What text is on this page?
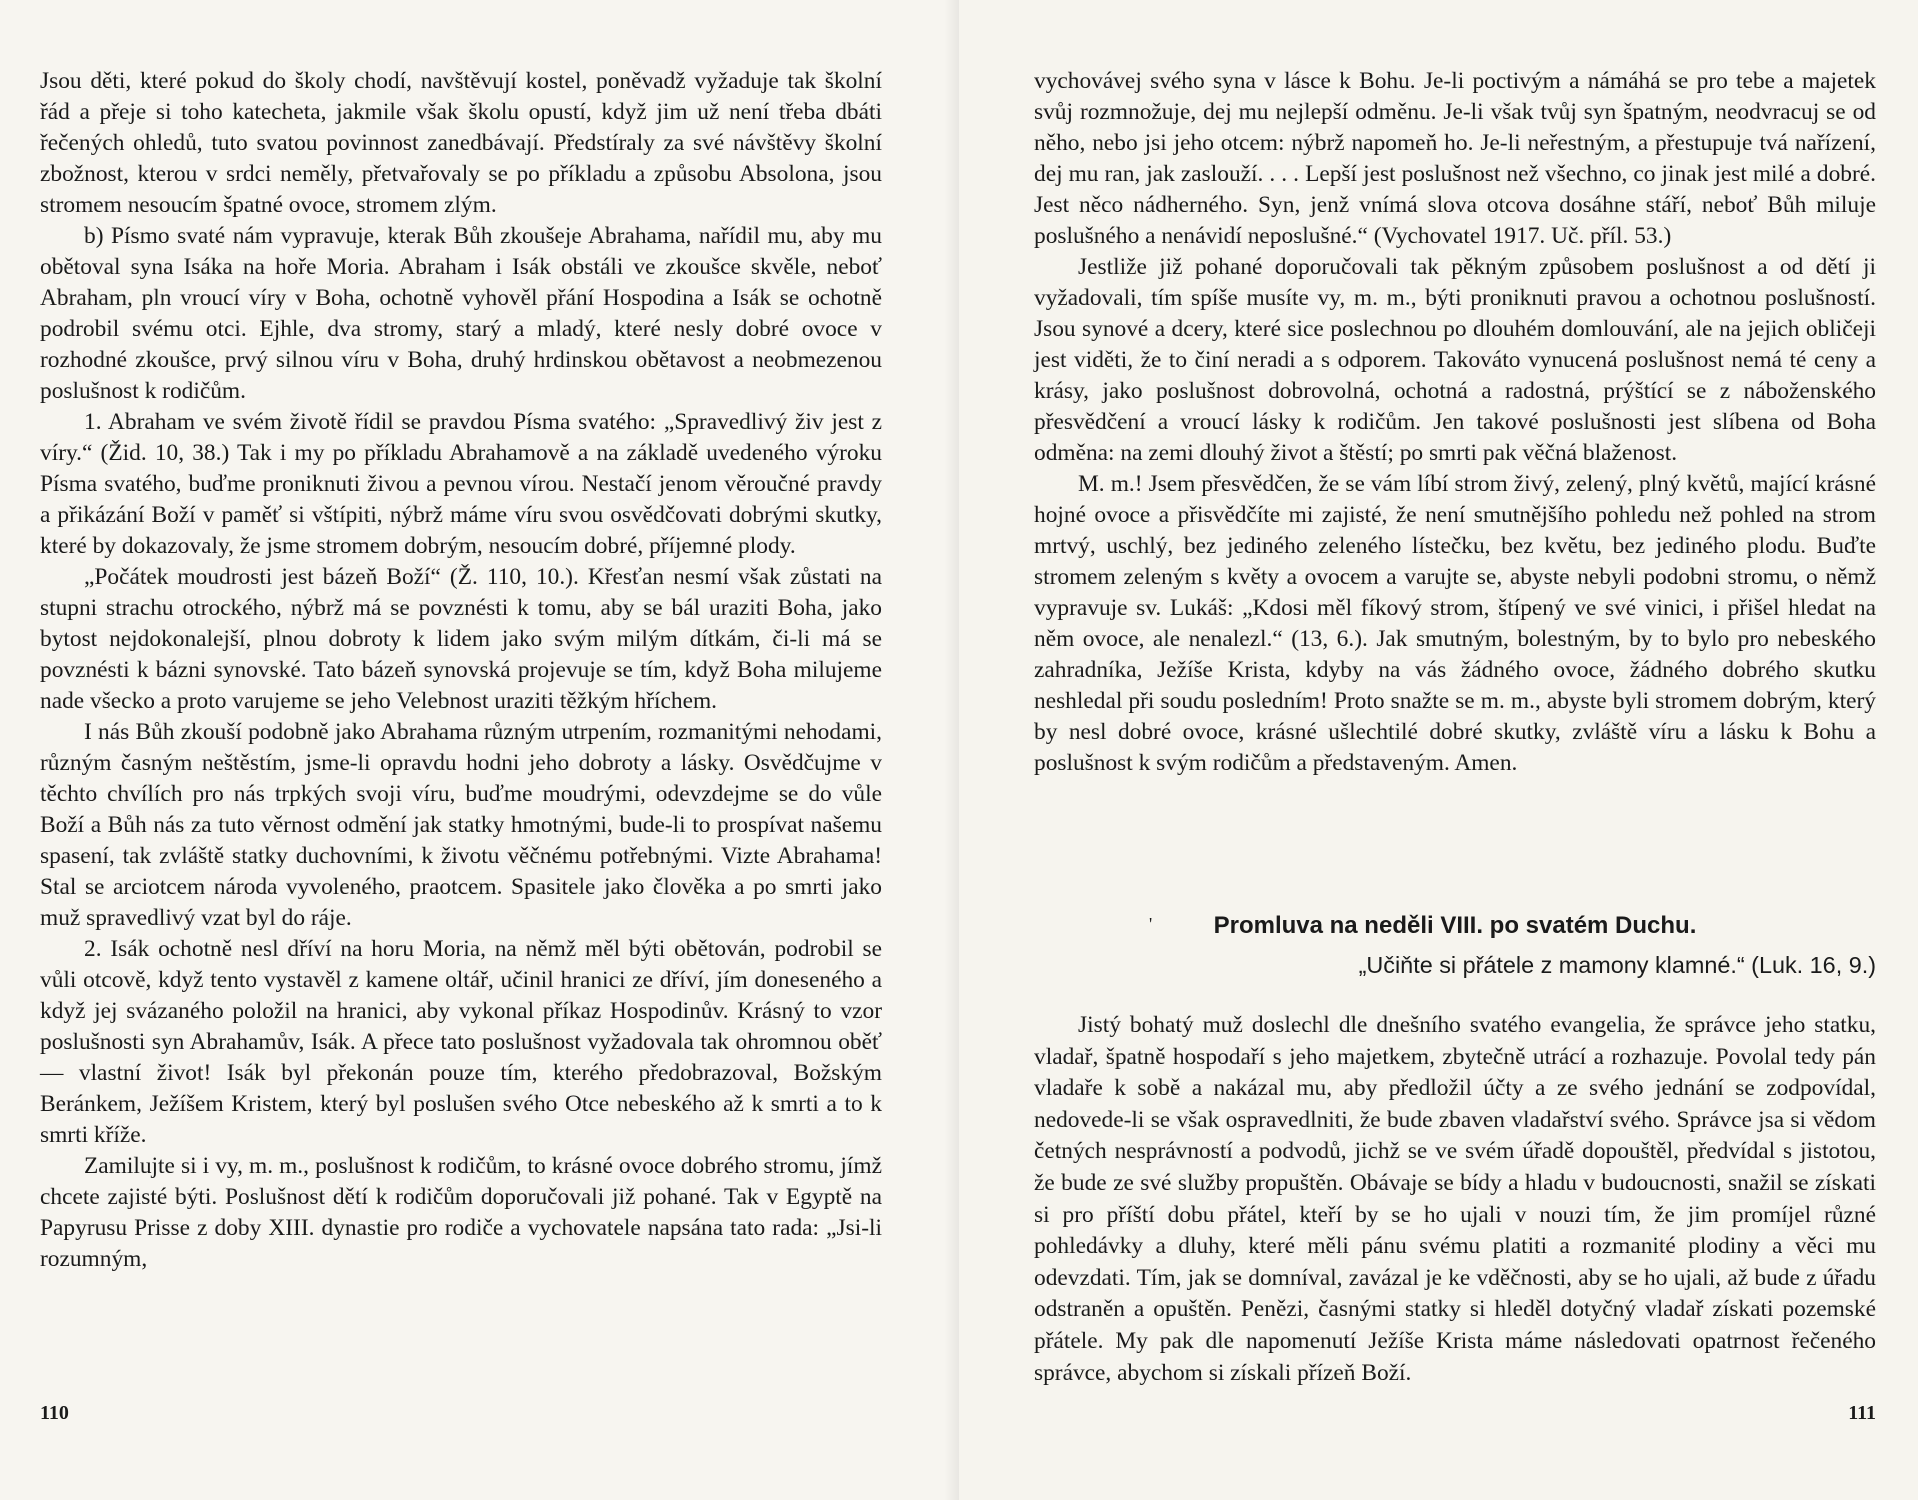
Jsou děti, které pokud do školy chodí, navštěvují kostel, poněvadž vyžaduje tak školní řád a přeje si toho katecheta, jakmile však školu opustí, když jim už není třeba dbáti řečených ohledů, tuto svatou povinnost zanedbávají. Předstíraly za své návštěvy školní zbožnost, kterou v srdci neměly, přetvařovaly se po příkladu a způsobu Absolona, jsou stromem nesoucím špatné ovoce, stromem zlým.

b) Písmo svaté nám vypravuje, kterak Bůh zkoušeje Abrahama, nařídil mu, aby mu obětoval syna Isáka na hoře Moria. Abraham i Isák obstáli ve zkoušce skvěle, neboť Abraham, pln vroucí víry v Boha, ochotně vyhověl přání Hospodina a Isák se ochotně podrobil svému otci. Ejhle, dva stromy, starý a mladý, které nesly dobré ovoce v rozhodné zkoušce, prvý silnou víru v Boha, druhý hrdinskou obětavost a neobmezenou poslušnost k rodičům.

1. Abraham ve svém životě řídil se pravdou Písma svatého: „Spravedlivý živ jest z víry.“ (Žid. 10, 38.) Tak i my po příkladu Abrahamově a na základě uvedeného výroku Písma svatého, buďme proniknuti živou a pevnou vírou. Nestačí jenom věroučné pravdy a přikázání Boží v paměť si vštípiti, nýbrž máme víru svou osvědčovati dobrými skutky, které by dokazovaly, že jsme stromem dobrým, nesoucím dobré, příjemné plody.

„Počátek moudrosti jest bázeň Boží“ (Ž. 110, 10.). Křesťan nesmí však zůstati na stupni strachu otrockého, nýbrž má se povznésti k tomu, aby se bál uraziti Boha, jako bytost nejdokonalejší, plnou dobroty k lidem jako svým milým dítkám, či-li má se povznésti k bázni synovské. Tato bázeň synovská projevuje se tím, když Boha milujeme nade všecko a proto varujeme se jeho Velebnost uraziti těžkým hříchem.

I nás Bůh zkouší podobně jako Abrahama různým utrpením, rozmanitými nehodami, různým časným neštěstím, jsme-li opravdu hodni jeho dobroty a lásky. Osvědčujme v těchto chvílích pro nás trpkých svoji víru, buďme moudrými, odevzdejme se do vůle Boží a Bůh nás za tuto věrnost odmění jak statky hmotnými, bude-li to prospívat našemu spasení, tak zvláště statky duchovními, k životu věčnému potřebnými. Vizte Abrahama! Stal se arciotcem národa vyvoleného, praotcem. Spasitele jako člověka a po smrti jako muž spravedlivý vzat byl do ráje.

2. Isák ochotně nesl dříví na horu Moria, na němž měl býti obětován, podrobil se vůli otcově, když tento vystavěl z kamene oltář, učinil hranici ze dříví, jím doneseného a když jej svázaného položil na hranici, aby vykonal příkaz Hospodinův. Krásný to vzor poslušnosti syn Abrahamův, Isák. A přece tato poslušnost vyžadovala tak ohromnou oběť — vlastní život! Isák byl překonán pouze tím, kterého předobrazoval, Božským Beránkem, Ježíšem Kristem, který byl poslušen svého Otce nebeského až k smrti a to k smrti kříže.

Zamilujte si i vy, m. m., poslušnost k rodičům, to krásné ovoce dobrého stromu, jímž chcete zajisté býti. Poslušnost dětí k rodičům doporučovali již pohané. Tak v Egyptě na Papyrusu Prisse z doby XIII. dynastie pro rodiče a vychovatele napsána tato rada: „Jsi-li rozumným,

110

vychovávej svého syna v lásce k Bohu. Je-li poctivým a námáhá se pro tebe a majetek svůj rozmnožuje, dej mu nejlepší odměnu. Je-li však tvůj syn špatným, neodvracuj se od něho, nebo jsi jeho otcem: nýbrž napomeň ho. Je-li neřestným, a přestupuje tvá nařízení, dej mu ran, jak zaslouží. . . . Lepší jest poslušnost než všechno, co jinak jest milé a dobré. Jest něco nádherného. Syn, jenž vnímá slova otcova dosáhne stáří, neboť Bůh miluje poslušného a nenávidí neposlušné.“ (Vychovatel 1917. Uč. příl. 53.)

Jestliže již pohané doporučovali tak pěkným způsobem poslušnost a od dětí ji vyžadovali, tím spíše musíte vy, m. m., býti proniknuti pravou a ochotnou poslušností. Jsou synové a dcery, které sice poslechnou po dlouhém domlouvání, ale na jejich obličeji jest viděti, že to činí neradi a s odporem. Takováto vynucená poslušnost nemá té ceny a krásy, jako poslušnost dobrovolná, ochotná a radostná, prýštící se z náboženského přesvědčení a vroucí lásky k rodičům. Jen takové poslušnosti jest slíbena od Boha odměna: na zemi dlouhý život a štěstí; po smrti pak věčná blaženost.

M. m.! Jsem přesvědčen, že se vám líbí strom živý, zelený, plný květů, mající krásné hojné ovoce a přisvědčíte mi zajisté, že není smutnějšího pohledu než pohled na strom mrtvý, uschlý, bez jediného zeleného lístečku, bez květu, bez jediného plodu. Buďte stromem zeleným s květy a ovocem a varujte se, abyste nebyli podobni stromu, o němž vypravuje sv. Lukáš: „Kdosi měl fíkový strom, štípený ve své vinici, i přišel hledat na něm ovoce, ale nenalezl.“ (13, 6.). Jak smutným, bolestným, by to bylo pro nebeského zahradníka, Ježíše Krista, kdyby na vás žádného ovoce, žádného dobrého skutku neshledal při soudu posledním! Proto snažte se m. m., abyste byli stromem dobrým, který by nesl dobré ovoce, krásné ušlechtilé dobré skutky, zvláště víru a lásku k Bohu a poslušnost k svým rodičům a představeným. Amen.

'	Promluva na neděli VIII. po svatém Duchu.
„Učiňte si přátele z mamony klamné.“ (Luk. 16, 9.)

Jistý bohatý muž doslechl dle dnešního svatého evangelia, že správce jeho statku, vladař, špatně hospodaří s jeho majetkem, zbytečně utrácí a rozhazuje. Povolal tedy pán vladaře k sobě a nakázal mu, aby předložil účty a ze svého jednání se zodpovídal, nedovede-li se však ospravedlniti, že bude zbaven vladařství svého. Správce jsa si vědom četných nesprávností a podvodů, jichž se ve svém úřadě dopouštěl, předvídal s jistotou, že bude ze své služby propuštěn. Obávaje se bídy a hladu v budoucnosti, snažil se získati si pro příští dobu přátel, kteří by se ho ujali v nouzi tím, že jim promíjel různé pohledávky a dluhy, které měli pánu svému platiti a rozmanité plodiny a věci mu odevzdati. Tím, jak se domníval, zavázal je ke vděčnosti, aby se ho ujali, až bude z úřadu odstraněn a opuštěn. Penězi, časnými statky si hleděl dotyčný vladař získati pozemské přátele. My pak dle napomenutí Ježíše Krista máme následovati opatrnost řečeného správce, abychom si získali přízeň Boží.

111
